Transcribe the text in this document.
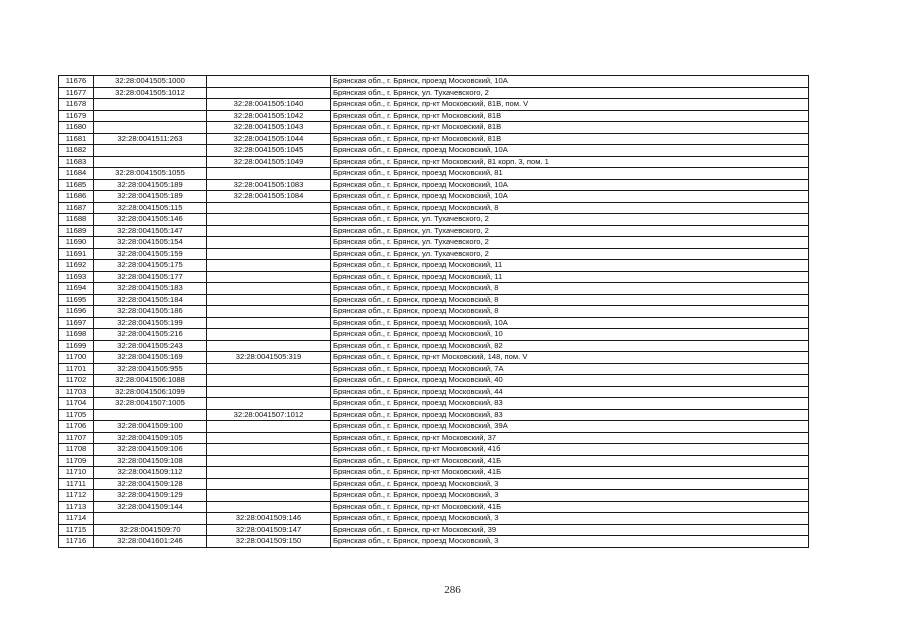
11676	32:28:0041505:1000		Брянская обл., г. Брянск, проезд Московский, 10А
11677	32:28:0041505:1012		Брянская обл., г. Брянск, ул. Тухачевского, 2
11678		32:28:0041505:1040	Брянская обл., г. Брянск, пр-кт Московский, 81В, пом. V
11679		32:28:0041505:1042	Брянская обл., г. Брянск, пр-кт Московский, 81В
11680		32:28:0041505:1043	Брянская обл., г. Брянск, пр-кт Московский, 81В
11681	32:28:0041511:263	32:28:0041505:1044	Брянская обл., г. Брянск, пр-кт Московский, 81В
11682		32:28:0041505:1045	Брянская обл., г. Брянск, проезд Московский, 10А
11683		32:28:0041505:1049	Брянская обл., г. Брянск, пр-кт Московский, 81 корп. 3, пом. 1
11684	32:28:0041505:1055		Брянская обл., г. Брянск, проезд Московский, 81
11685	32:28:0041505:189	32:28:0041505:1083	Брянская обл., г. Брянск, проезд Московский, 10А
11686	32:28:0041505:189	32:28:0041505:1084	Брянская обл., г. Брянск, проезд Московский, 10А
11687	32:28:0041505:115		Брянская обл., г. Брянск, проезд Московский, 8
11688	32:28:0041505:146		Брянская обл., г. Брянск, ул. Тухачевского, 2
11689	32:28:0041505:147		Брянская обл., г. Брянск, ул. Тухачевского, 2
11690	32:28:0041505:154		Брянская обл., г. Брянск, ул. Тухачевского, 2
11691	32:28:0041505:159		Брянская обл., г. Брянск, ул. Тухачевского, 2
11692	32:28:0041505:175		Брянская обл., г. Брянск, проезд Московский, 11
11693	32:28:0041505:177		Брянская обл., г. Брянск, проезд Московский, 11
11694	32:28:0041505:183		Брянская обл., г. Брянск, проезд Московский, 8
11695	32:28:0041505:184		Брянская обл., г. Брянск, проезд Московский, 8
11696	32:28:0041505:186		Брянская обл., г. Брянск, проезд Московский, 8
11697	32:28:0041505:199		Брянская обл., г. Брянск, проезд Московский, 10А
11698	32:28:0041505:216		Брянская обл., г. Брянск, проезд Московский, 10
11699	32:28:0041505:243		Брянская обл., г. Брянск, проезд Московский, 82
11700	32:28:0041505:169	32:28:0041505:319	Брянская обл., г. Брянск, пр-кт Московский, 148, пом. V
11701	32:28:0041505:955		Брянская обл., г. Брянск, проезд Московский, 7А
11702	32:28:0041506:1088		Брянская обл., г. Брянск, проезд Московский, 40
11703	32:28:0041506:1099		Брянская обл., г. Брянск, проезд Московский, 44
11704	32:28:0041507:1005		Брянская обл., г. Брянск, проезд Московский, 83
11705		32:28:0041507:1012	Брянская обл., г. Брянск, проезд Московский, 83
11706	32:28:0041509:100		Брянская обл., г. Брянск, проезд Московский, 39А
11707	32:28:0041509:105		Брянская обл., г. Брянск, пр-кт Московский, 37
11708	32:28:0041509:106		Брянская обл., г. Брянск, пр-кт Московский, 41б
11709	32:28:0041509:108		Брянская обл., г. Брянск, пр-кт Московский, 41Б
11710	32:28:0041509:112		Брянская обл., г. Брянск, пр-кт Московский, 41Б
11711	32:28:0041509:128		Брянская обл., г. Брянск, проезд Московский, 3
11712	32:28:0041509:129		Брянская обл., г. Брянск, проезд Московский, 3
11713	32:28:0041509:144		Брянская обл., г. Брянск, пр-кт Московский, 41Б
11714		32:28:0041509:146	Брянская обл., г. Брянск, проезд Московский, 3
11715	32:28:0041509:70	32:28:0041509:147	Брянская обл., г. Брянск, пр-кт Московский, 39
11716	32:28:0041601:246	32:28:0041509:150	Брянская обл., г. Брянск, проезд Московский, 3
286
